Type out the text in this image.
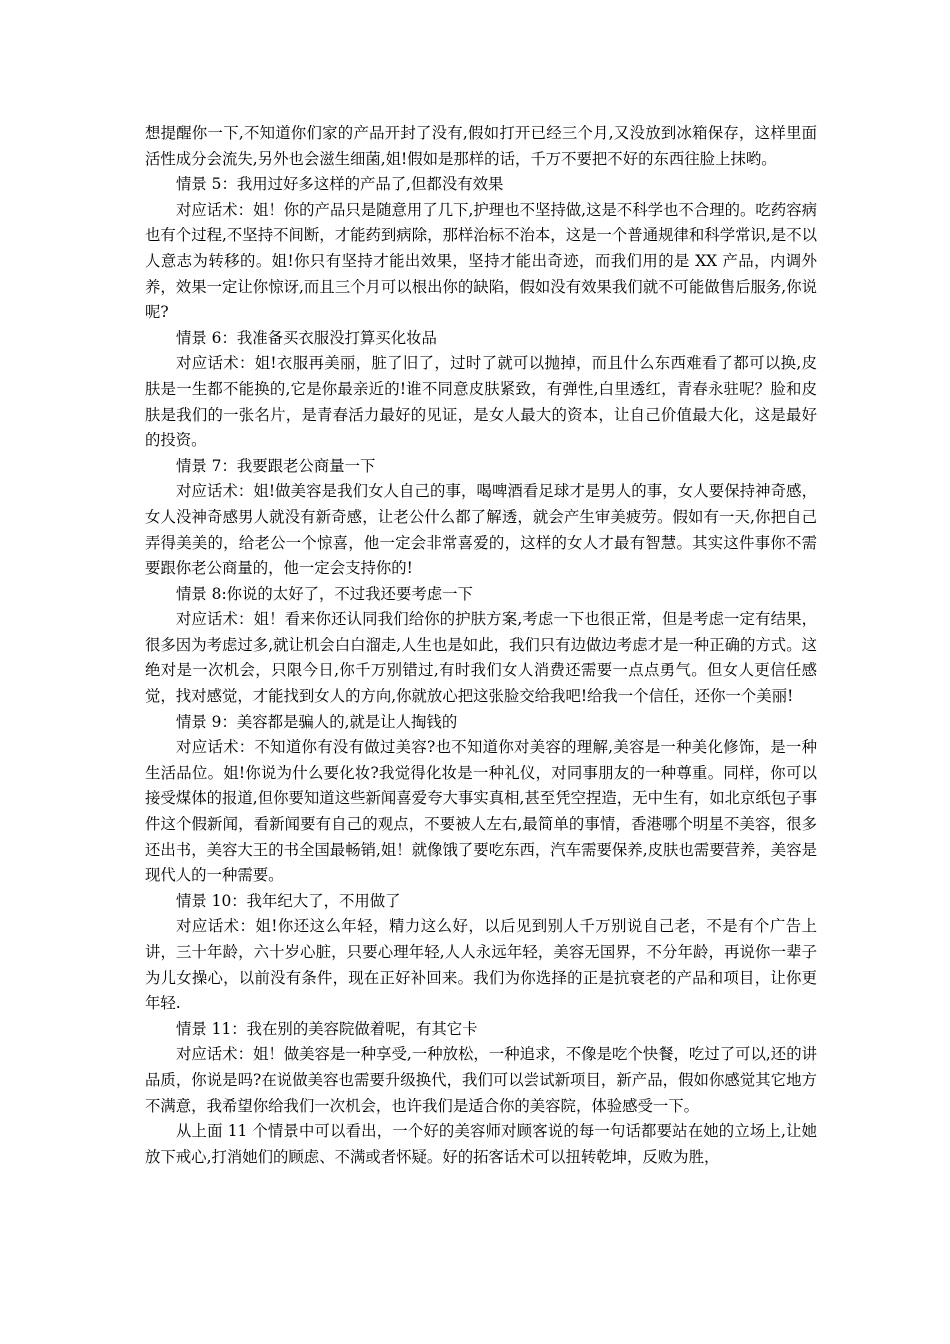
想提醒你一下,不知道你们家的产品开封了没有,假如打开已经三个月,又没放到冰箱保存，这样里面活性成分会流失,另外也会滋生细菌,姐!假如是那样的话，千万不要把不好的东西往脸上抹哟。

情景 5：我用过好多这样的产品了,但都没有效果

对应话术：姐！你的产品只是随意用了几下,护理也不坚持做,这是不科学也不合理的。吃药容病也有个过程,不坚持不间断，才能药到病除，那样治标不治本，这是一个普通规律和科学常识,是不以人意志为转移的。姐!你只有坚持才能出效果，坚持才能出奇迹，而我们用的是 XX 产品，内调外养，效果一定让你惊讶,而且三个月可以根出你的缺陷，假如没有效果我们就不可能做售后服务,你说呢?

情景 6：我准备买衣服没打算买化妆品

对应话术：姐!衣服再美丽，脏了旧了，过时了就可以抛掉，而且什么东西难看了都可以换,皮肤是一生都不能换的,它是你最亲近的!谁不同意皮肤紧致，有弹性,白里透红，青春永驻呢？脸和皮肤是我们的一张名片，是青春活力最好的见证，是女人最大的资本，让自己价值最大化，这是最好的投资。

情景 7：我要跟老公商量一下

对应话术：姐!做美容是我们女人自己的事，喝啤酒看足球才是男人的事，女人要保持神奇感，女人没神奇感男人就没有新奇感，让老公什么都了解透，就会产生审美疲劳。假如有一天,你把自己弄得美美的，给老公一个惊喜，他一定会非常喜爱的，这样的女人才最有智慧。其实这件事你不需要跟你老公商量的，他一定会支持你的!

情景 8:你说的太好了，不过我还要考虑一下

对应话术：姐！看来你还认同我们给你的护肤方案,考虑一下也很正常，但是考虑一定有结果，很多因为考虑过多,就让机会白白溜走,人生也是如此，我们只有边做边考虑才是一种正确的方式。这绝对是一次机会，只限今日,你千万别错过,有时我们女人消费还需要一点点勇气。但女人更信任感觉，找对感觉，才能找到女人的方向,你就放心把这张脸交给我吧!给我一个信任，还你一个美丽!

情景 9：美容都是骗人的,就是让人掏钱的

对应话术：不知道你有没有做过美容?也不知道你对美容的理解,美容是一种美化修饰，是一种生活品位。姐!你说为什么要化妆?我觉得化妆是一种礼仪，对同事朋友的一种尊重。同样，你可以接受煤体的报道,但你要知道这些新闻喜爱夸大事实真相,甚至凭空捏造，无中生有，如北京纸包子事件这个假新闻，看新闻要有自己的观点，不要被人左右,最简单的事情，香港哪个明星不美容，很多还出书，美容大王的书全国最畅销,姐！就像饿了要吃东西，汽车需要保养,皮肤也需要营养，美容是现代人的一种需要。

情景 10：我年纪大了，不用做了

对应话术：姐!你还这么年轻，精力这么好，以后见到别人千万别说自己老，不是有个广告上讲，三十年龄，六十岁心脏，只要心理年轻,人人永远年轻，美容无国界，不分年龄，再说你一辈子为儿女操心，以前没有条件，现在正好补回来。我们为你选择的正是抗衰老的产品和项目，让你更年轻.

情景 11：我在别的美容院做着呢，有其它卡

对应话术：姐！做美容是一种享受,一种放松，一种追求，不像是吃个快餐，吃过了可以,还的讲品质，你说是吗?在说做美容也需要升级换代，我们可以尝试新项目，新产品，假如你感觉其它地方不满意，我希望你给我们一次机会，也许我们是适合你的美容院，体验感受一下。

从上面 11 个情景中可以看出，一个好的美容师对顾客说的每一句话都要站在她的立场上,让她放下戒心,打消她们的顾虑、不满或者怀疑。好的拓客话术可以扭转乾坤，反败为胜，
